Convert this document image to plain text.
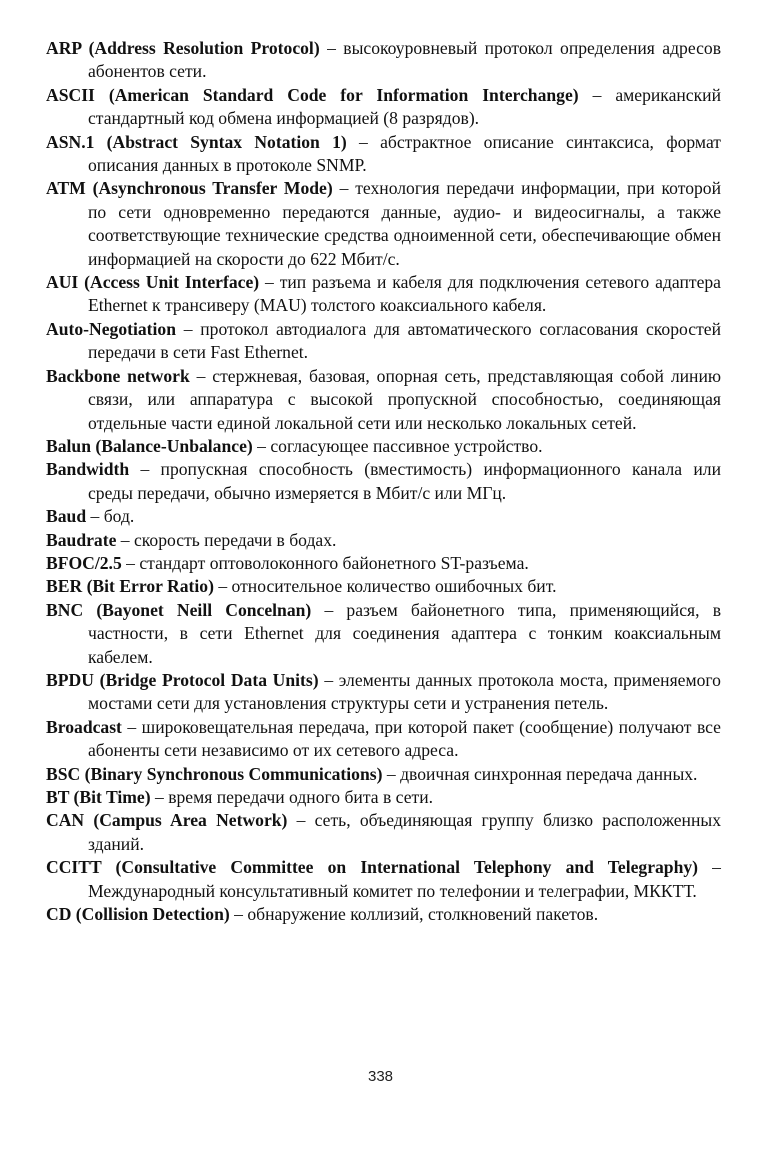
ARP (Address Resolution Protocol) – высокоуровневый протокол определения адресов абонентов сети.

ASCII (American Standard Code for Information Interchange) – американский стандартный код обмена информацией (8 разрядов).

ASN.1 (Abstract Syntax Notation 1) – абстрактное описание синтаксиса, формат описания данных в протоколе SNMP.

ATM (Asynchronous Transfer Mode) – технология передачи информации, при которой по сети одновременно передаются данные, аудио- и видеосигналы, а также соответствующие технические средства одноименной сети, обеспечивающие обмен информацией на скорости до 622 Мбит/с.

AUI (Access Unit Interface) – тип разъема и кабеля для подключения сетевого адаптера Ethernet к трансиверу (MAU) толстого коаксиального кабеля.

Auto-Negotiation – протокол автодиалога для автоматического согласования скоростей передачи в сети Fast Ethernet.

Backbone network – стержневая, базовая, опорная сеть, представляющая собой линию связи, или аппаратура с высокой пропускной способностью, соединяющая отдельные части единой локальной сети или несколько локальных сетей.

Balun (Balance-Unbalance) – согласующее пассивное устройство.

Bandwidth – пропускная способность (вместимость) информационного канала или среды передачи, обычно измеряется в Мбит/с или МГц.

Baud – бод.

Baudrate – скорость передачи в бодах.

BFOC/2.5 – стандарт оптоволоконного байонетного ST-разъема.

BER (Bit Error Ratio) – относительное количество ошибочных бит.

BNC (Bayonet Neill Concelnan) – разъем байонетного типа, применяющийся, в частности, в сети Ethernet для соединения адаптера с тонким коаксиальным кабелем.

BPDU (Bridge Protocol Data Units) – элементы данных протокола моста, применяемого мостами сети для установления структуры сети и устранения петель.

Broadcast – широковещательная передача, при которой пакет (сообщение) получают все абоненты сети независимо от их сетевого адреса.

BSC (Binary Synchronous Communications) – двоичная синхронная передача данных.

BT (Bit Time) – время передачи одного бита в сети.

CAN (Campus Area Network) – сеть, объединяющая группу близко расположенных зданий.

CCITT (Consultative Committee on International Telephony and Telegraphy) – Международный консультативный комитет по телефонии и телеграфии, МККТТ.

CD (Collision Detection) – обнаружение коллизий, столкновений пакетов.

338
